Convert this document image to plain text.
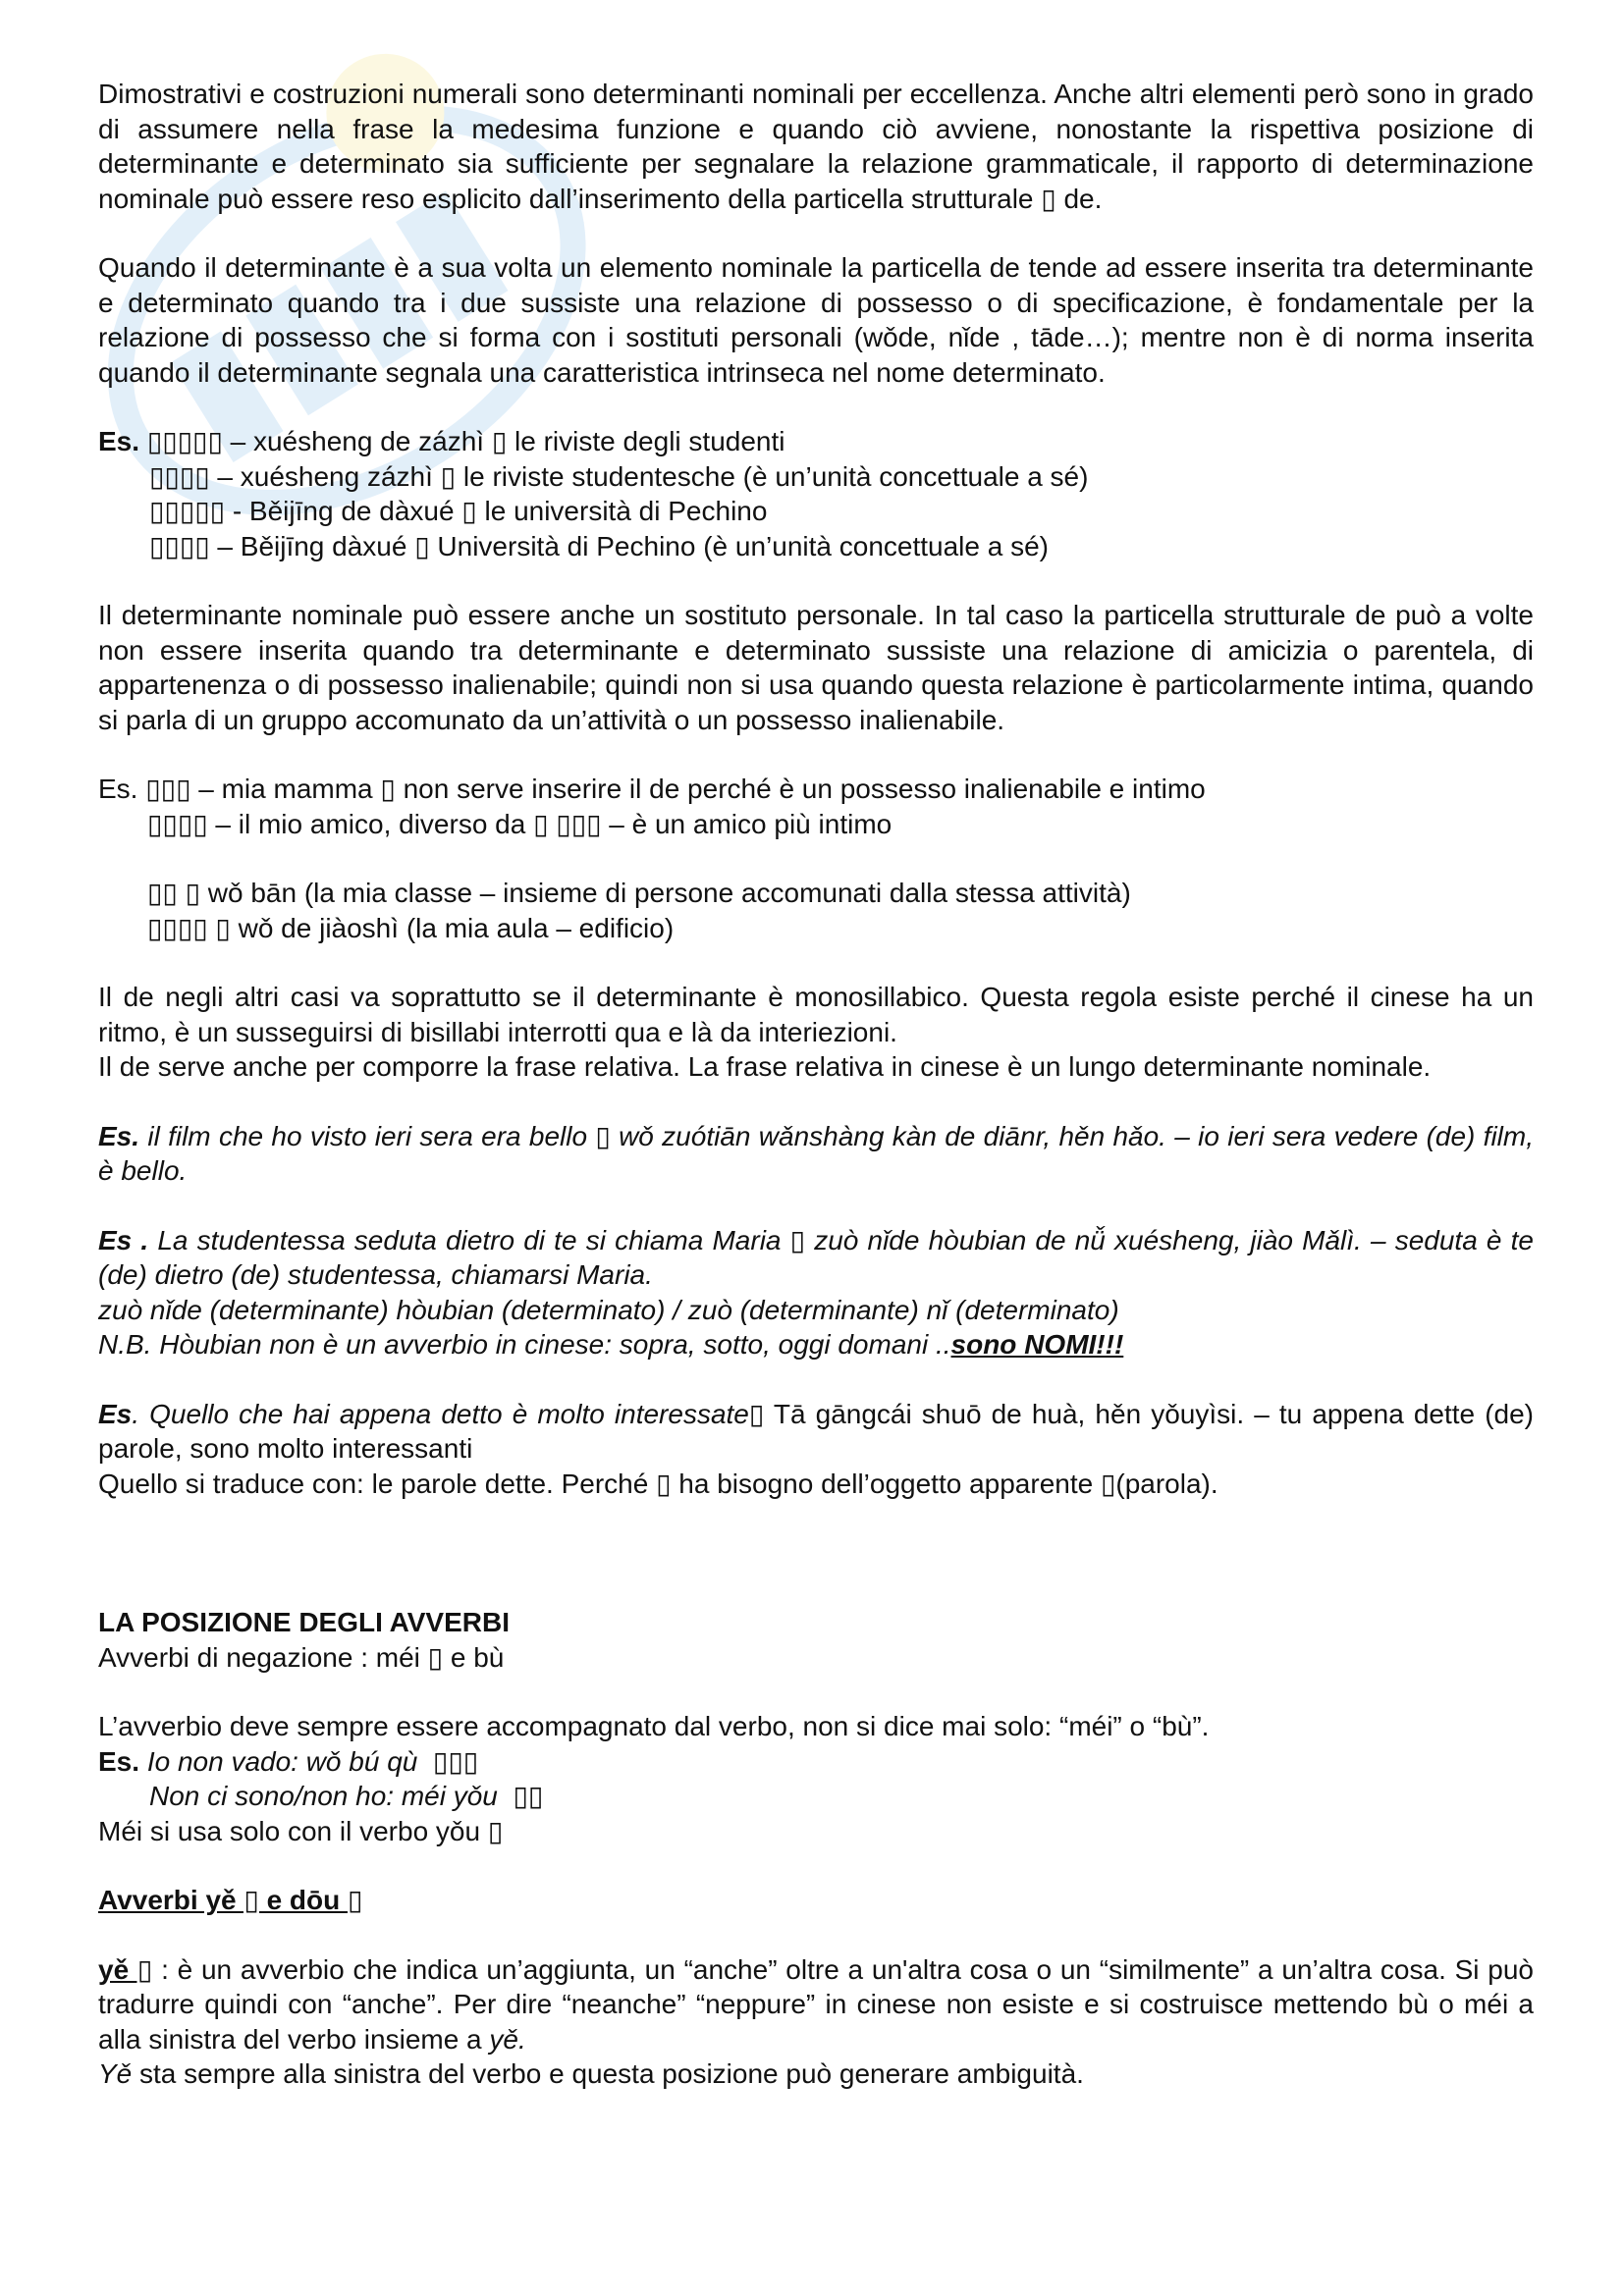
Dimostrativi e costruzioni numerali sono determinanti nominali per eccellenza. Anche altri elementi però sono in grado di assumere nella frase la medesima funzione e quando ciò avviene, nonostante la rispettiva posizione di determinante e determinato sia sufficiente per segnalare la relazione grammaticale, il rapporto di determinazione nominale può essere reso esplicito dall’inserimento della particella strutturale ▯ de.

Quando il determinante è a sua volta un elemento nominale la particella de tende ad essere inserita tra determinante e determinato quando tra i due sussiste una relazione di possesso o di specificazione, è fondamentale per la relazione di possesso che si forma con i sostituti personali (wǒde, nǐde , tāde…); mentre non è di norma inserita quando il determinante segnala una caratteristica intrinseca nel nome determinato.

Es. ▯▯▯▯▯ – xuésheng de zázhì ▯ le riviste degli studenti

▯▯▯▯ – xuésheng zázhì ▯ le riviste studentesche (è un’unità concettuale a sé)

▯▯▯▯▯ - Běijīng de dàxué ▯ le università di Pechino

▯▯▯▯ – Běijīng dàxué ▯ Università di Pechino (è un’unità concettuale a sé)

Il determinante nominale può essere anche un sostituto personale. In tal caso la particella strutturale de può a volte non essere inserita quando tra determinante e determinato sussiste una relazione di amicizia o parentela, di appartenenza o di possesso inalienabile; quindi non si usa quando questa relazione è particolarmente intima, quando si parla di un gruppo accomunato da un’attività o un possesso inalienabile.

Es. ▯▯▯ – mia mamma ▯ non serve inserire il de perché è un possesso inalienabile e intimo

▯▯▯▯ – il mio amico, diverso da ▯ ▯▯▯ – è un amico più intimo

▯▯ ▯ wǒ bān (la mia classe – insieme di persone accomunati dalla stessa attività)

▯▯▯▯ ▯ wǒ de jiàoshì (la mia aula – edificio)

Il de negli altri casi va soprattutto se il determinante è monosillabico. Questa regola esiste perché il cinese ha un ritmo, è un susseguirsi di bisillabi interrotti qua e là da interiezioni.

Il de serve anche per comporre la frase relativa. La frase relativa in cinese è un lungo determinante nominale.

Es. il film che ho visto ieri sera era bello ▯ wǒ zuótiān wǎnshàng kàn de diānr, hěn hǎo. – io ieri sera vedere (de) film, è bello.

Es . La studentessa seduta dietro di te si chiama Maria ▯ zuò nǐde hòubian de nǚ xuésheng, jiào Mǎlì. – seduta è te (de) dietro (de) studentessa, chiamarsi Maria.

zuò nǐde (determinante) hòubian (determinato) / zuò (determinante) nǐ (determinato)

N.B. Hòubian non è un avverbio in cinese: sopra, sotto, oggi domani ..sono NOMI!!!

Es. Quello che hai appena detto è molto interessate▯ Tā gāngcái shuō de huà, hěn yǒuyìsi. – tu appena dette (de) parole, sono molto interessanti

Quello si traduce con: le parole dette. Perché ▯ ha bisogno dell’oggetto apparente ▯(parola).

LA POSIZIONE DEGLI AVVERBI

Avverbi di negazione : méi ▯ e bù

L’avverbio deve sempre essere accompagnato dal verbo, non si dice mai solo: “méi” o “bù”.

Es. Io non vado: wǒ bú qù ▯▯▯

Non ci sono/non ho: méi yǒu ▯▯

Méi si usa solo con il verbo yǒu ▯

Avverbi yě ▯ e dōu ▯

yě ▯ : è un avverbio che indica un’aggiunta, un “anche” oltre a un'altra cosa o un “similmente” a un’altra cosa. Si può tradurre quindi con “anche”. Per dire “neanche” “neppure” in cinese non esiste e si costruisce mettendo bù o méi a alla sinistra del verbo insieme a yě.

Yě sta sempre alla sinistra del verbo e questa posizione può generare ambiguità.
